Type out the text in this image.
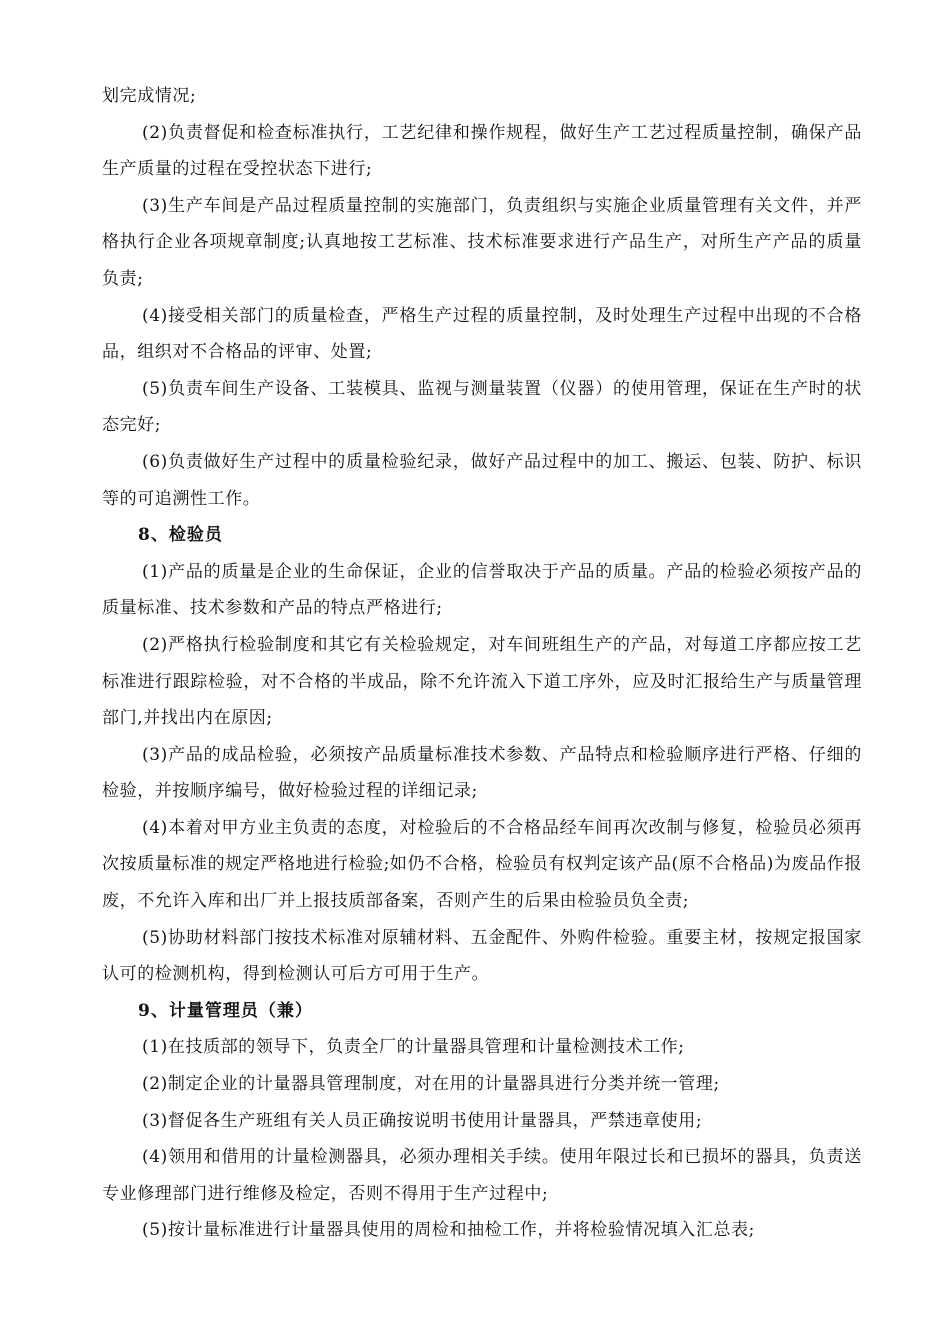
划完成情况;

(2)负责督促和检查标准执行，工艺纪律和操作规程，做好生产工艺过程质量控制，确保产品生产质量的过程在受控状态下进行;

(3)生产车间是产品过程质量控制的实施部门，负责组织与实施企业质量管理有关文件，并严格执行企业各项规章制度;认真地按工艺标准、技术标准要求进行产品生产，对所生产产品的质量负责;

(4)接受相关部门的质量检查，严格生产过程的质量控制，及时处理生产过程中出现的不合格品，组织对不合格品的评审、处置;

(5)负责车间生产设备、工装模具、监视与测量装置（仪器）的使用管理，保证在生产时的状态完好;

(6)负责做好生产过程中的质量检验纪录，做好产品过程中的加工、搬运、包装、防护、标识等的可追溯性工作。

8、检验员

(1)产品的质量是企业的生命保证，企业的信誉取决于产品的质量。产品的检验必须按产品的质量标准、技术参数和产品的特点严格进行;

(2)严格执行检验制度和其它有关检验规定，对车间班组生产的产品，对每道工序都应按工艺标准进行跟踪检验，对不合格的半成品，除不允许流入下道工序外，应及时汇报给生产与质量管理部门,并找出内在原因;

(3)产品的成品检验，必须按产品质量标准技术参数、产品特点和检验顺序进行严格、仔细的检验，并按顺序编号，做好检验过程的详细记录;

(4)本着对甲方业主负责的态度，对检验后的不合格品经车间再次改制与修复，检验员必须再次按质量标准的规定严格地进行检验;如仍不合格，检验员有权判定该产品(原不合格品)为废品作报废，不允许入库和出厂并上报技质部备案，否则产生的后果由检验员负全责;

(5)协助材料部门按技术标准对原辅材料、五金配件、外购件检验。重要主材，按规定报国家认可的检测机构，得到检测认可后方可用于生产。

9、计量管理员（兼）

(1)在技质部的领导下，负责全厂的计量器具管理和计量检测技术工作;

(2)制定企业的计量器具管理制度，对在用的计量器具进行分类并统一管理;

(3)督促各生产班组有关人员正确按说明书使用计量器具，严禁违章使用;

(4)领用和借用的计量检测器具，必须办理相关手续。使用年限过长和已损坏的器具，负责送专业修理部门进行维修及检定，否则不得用于生产过程中;

(5)按计量标准进行计量器具使用的周检和抽检工作，并将检验情况填入汇总表;
